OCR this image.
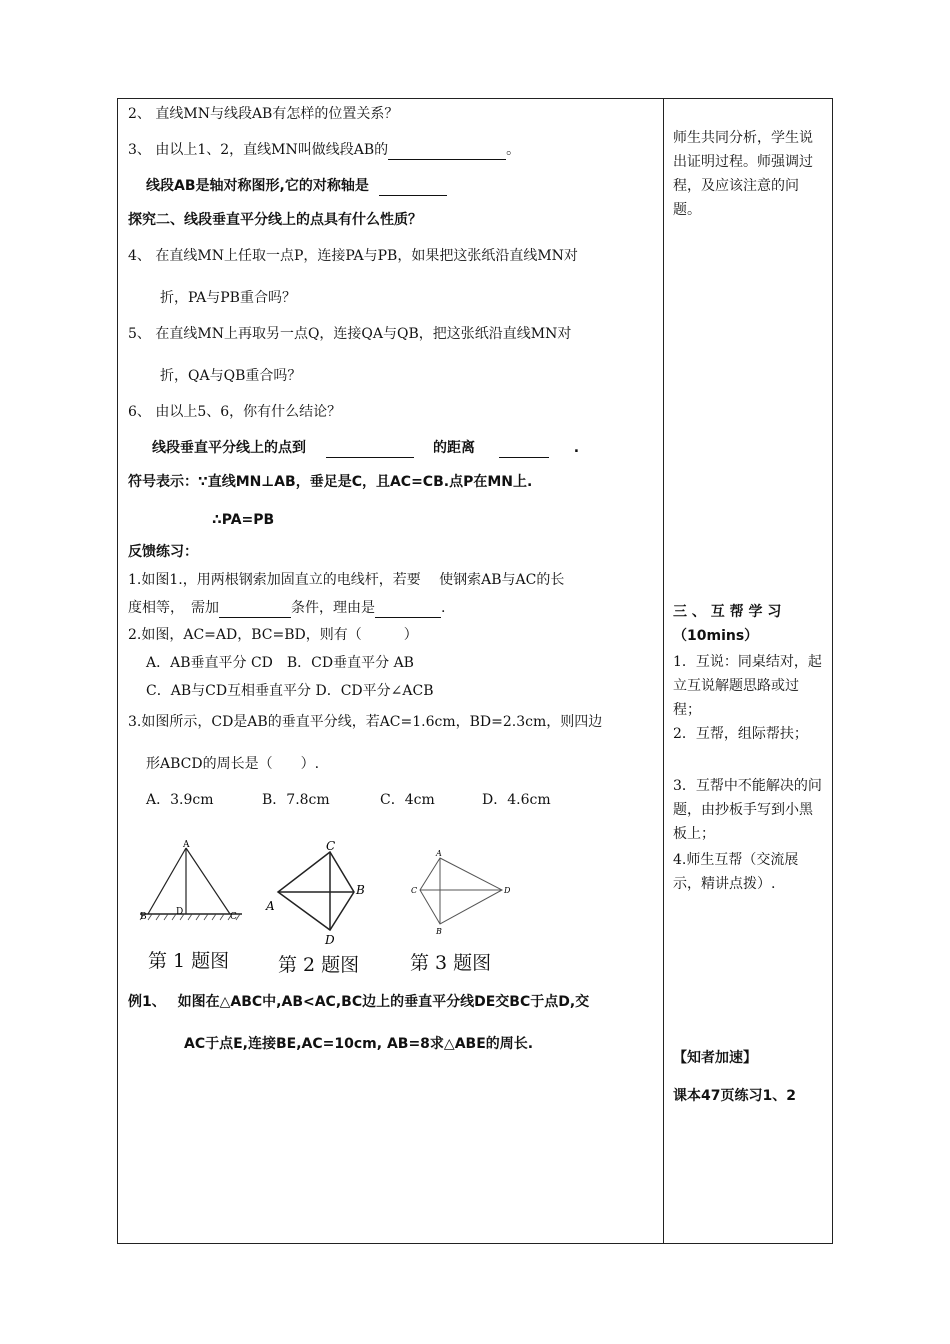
2、 直线MN与线段AB有怎样的位置关系？
3、 由以上1、2，直线MN叫做线段AB的	。
线段AB是轴对称图形,它的对称轴是
探究二、线段垂直平分线上的点具有什么性质？
4、 在直线MN上任取一点P，连接PA与PB，如果把这张纸沿直线MN对
折，PA与PB重合吗？
5、 在直线MN上再取另一点Q，连接QA与QB，把这张纸沿直线MN对
折，QA与QB重合吗？
6、 由以上5、6，你有什么结论？
线段垂直平分线上的点到	的距离	.
符号表示：∵直线MN⊥AB，垂足是C，且AC=CB.点P在MN上.
∴PA=PB
反馈练习：
1.如图1.，用两根钢索加固直立的电线杆，若要　 使钢索AB与AC的长
度相等，　需加	条件，理由是	.
2.如图，AC=AD，BC=BD，则有（　　　）
A．AB垂直平分 CD　B．CD垂直平分 AB
C．AB与CD互相垂直平分 D．CD平分∠ACB
3.如图所示，CD是AB的垂直平分线，若AC=1.6cm，BD=2.3cm，则四边
形ABCD的周长是（　　）.
A．3.9cm	B．7.8cm	C．4cm	D．4.6cm
A
B	D	C
第 1 题图
C
A
B
D
第 2 题图
A
C	D
B
第 3 题图
例1、　 如图在△ABC中,AB<AC,BC边上的垂直平分线DE交BC于点D,交
AC于点E,连接BE,AC=10cm, AB=8求△ABE的周长.
师生共同分析，学生说出证明过程。师强调过程，及应该注意的问题。
三 、 互 帮 学 习（10mins）
1．互说：同桌结对，起立互说解题思路或过程；
2．互帮，组际帮扶；
3．互帮中不能解决的问题，由抄板手写到小黑板上；
4.师生互帮（交流展示，精讲点拨）.
【知者加速】
课本47页练习1、2
